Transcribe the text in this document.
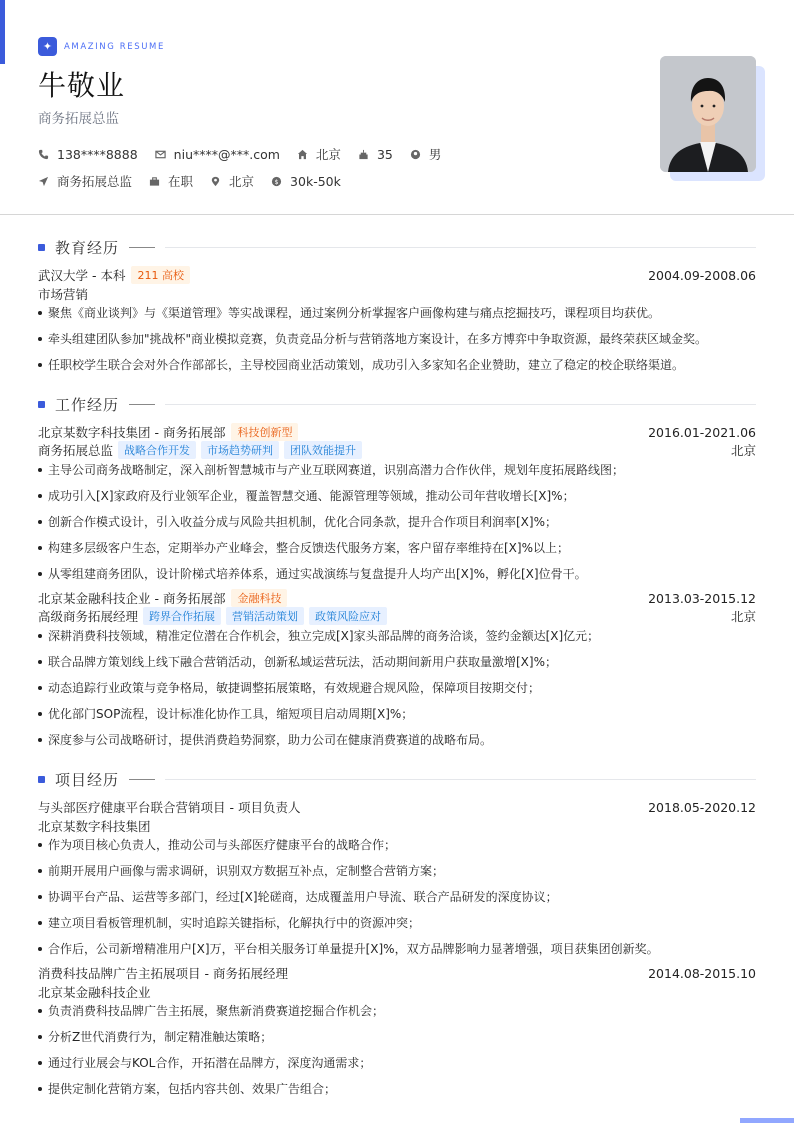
✦	AMAZING RESUME
牛敬业
商务拓展总监
138****8888	niu****@***.com	北京	35	男
商务拓展总监	在职	北京	$ 30k-50k
教育经历
武汉大学 - 本科	211 高校	2004.09-2008.06
市场营销
聚焦《商业谈判》与《渠道管理》等实战课程，通过案例分析掌握客户画像构建与痛点挖掘技巧，课程项目均获优。
牵头组建团队参加"挑战杯"商业模拟竞赛，负责竞品分析与营销落地方案设计，在多方博弈中争取资源，最终荣获区域金奖。
任职校学生联合会对外合作部部长，主导校园商业活动策划，成功引入多家知名企业赞助，建立了稳定的校企联络渠道。
工作经历
北京某数字科技集团 - 商务拓展部	科技创新型	2016.01-2021.06
商务拓展总监	战略合作开发	市场趋势研判	团队效能提升	北京
主导公司商务战略制定，深入剖析智慧城市与产业互联网赛道，识别高潜力合作伙伴，规划年度拓展路线图；
成功引入[X]家政府及行业领军企业，覆盖智慧交通、能源管理等领域，推动公司年营收增长[X]%；
创新合作模式设计，引入收益分成与风险共担机制，优化合同条款，提升合作项目利润率[X]%；
构建多层级客户生态，定期举办产业峰会，整合反馈迭代服务方案，客户留存率维持在[X]%以上；
从零组建商务团队，设计阶梯式培养体系，通过实战演练与复盘提升人均产出[X]%，孵化[X]位骨干。
北京某金融科技企业 - 商务拓展部	金融科技	2013.03-2015.12
高级商务拓展经理	跨界合作拓展	营销活动策划	政策风险应对	北京
深耕消费科技领域，精准定位潜在合作机会，独立完成[X]家头部品牌的商务洽谈，签约金额达[X]亿元；
联合品牌方策划线上线下融合营销活动，创新私域运营玩法，活动期间新用户获取量激增[X]%；
动态追踪行业政策与竞争格局，敏捷调整拓展策略，有效规避合规风险，保障项目按期交付；
优化部门SOP流程，设计标准化协作工具，缩短项目启动周期[X]%；
深度参与公司战略研讨，提供消费趋势洞察，助力公司在健康消费赛道的战略布局。
项目经历
与头部医疗健康平台联合营销项目 - 项目负责人	2018.05-2020.12
北京某数字科技集团
作为项目核心负责人，推动公司与头部医疗健康平台的战略合作；
前期开展用户画像与需求调研，识别双方数据互补点，定制整合营销方案；
协调平台产品、运营等多部门，经过[X]轮磋商，达成覆盖用户导流、联合产品研发的深度协议；
建立项目看板管理机制，实时追踪关键指标，化解执行中的资源冲突；
合作后，公司新增精准用户[X]万，平台相关服务订单量提升[X]%，双方品牌影响力显著增强，项目获集团创新奖。
消费科技品牌广告主拓展项目 - 商务拓展经理	2014.08-2015.10
北京某金融科技企业
负责消费科技品牌广告主拓展，聚焦新消费赛道挖掘合作机会；
分析Z世代消费行为，制定精准触达策略；
通过行业展会与KOL合作，开拓潜在品牌方，深度沟通需求；
提供定制化营销方案，包括内容共创、效果广告组合；
